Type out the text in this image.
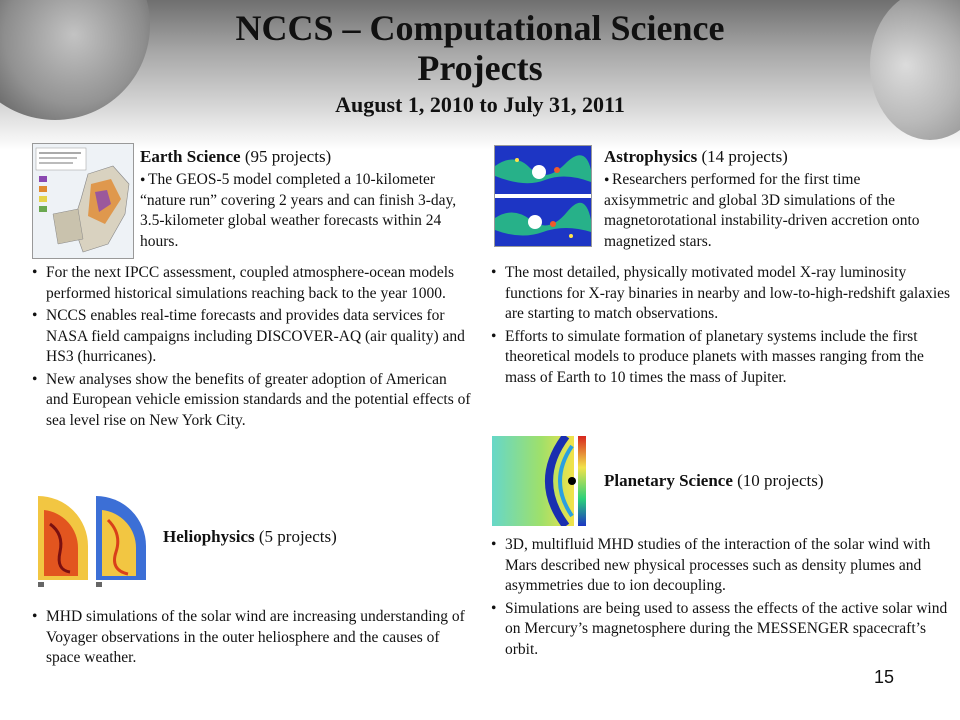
NCCS – Computational Science
Projects
August 1, 2010 to July 31, 2011
Earth Science (95 projects)
• The GEOS-5 model completed a 10-kilometer “nature run” covering 2 years and can finish 3-day, 3.5-kilometer global weather forecasts within 24 hours.
• For the next IPCC assessment, coupled atmosphere-ocean models performed historical simulations reaching back to the year 1000.
• NCCS enables real-time forecasts and provides data services for NASA field campaigns including DISCOVER-AQ (air quality) and HS3 (hurricanes).
• New analyses show the benefits of greater adoption of American and European vehicle emission standards and the potential effects of sea level rise on New York City.
Astrophysics (14 projects)
• Researchers performed for the first time axisymmetric and global 3D simulations of the magnetorotational instability-driven accretion onto magnetized stars.
• The most detailed, physically motivated model X-ray luminosity functions for X-ray binaries in nearby and low-to-high-redshift galaxies are starting to match observations.
• Efforts to simulate formation of planetary systems include the first theoretical models to produce planets with masses ranging from the mass of Earth to 10 times the mass of Jupiter.
Heliophysics (5 projects)
• MHD simulations of the solar wind are increasing understanding of Voyager observations in the outer heliosphere and the causes of space weather.
Planetary Science (10 projects)
• 3D, multifluid MHD studies of the interaction of the solar wind with Mars described new physical processes such as density plumes and asymmetries due to ion decoupling.
• Simulations are being used to assess the effects of the active solar wind on Mercury’s magnetosphere during the MESSENGER spacecraft’s orbit.
15
